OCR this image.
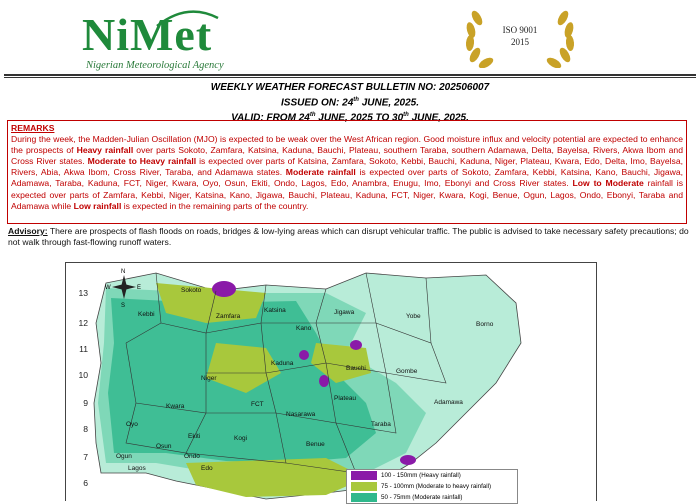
NiMet
Nigerian Meteorological Agency
ISO 9001
2015
WEEKLY WEATHER FORECAST BULLETIN NO: 202506007
ISSUED ON: 24th JUNE, 2025.
VALID: FROM 24th JUNE, 2025 TO 30th JUNE, 2025.
REMARKS
During the week, the Madden-Julian Oscillation (MJO) is expected to be weak over the West African region. Good moisture influx and velocity potential are expected to enhance the prospects of Heavy rainfall over parts Sokoto, Zamfara, Katsina, Kaduna, Bauchi, Plateau, southern Taraba, southern Adamawa, Delta, Bayelsa, Rivers, Akwa Ibom and Cross River states. Moderate to Heavy rainfall is expected over parts of Katsina, Zamfara, Sokoto, Kebbi, Bauchi, Kaduna, Niger, Plateau, Kwara, Edo, Delta, Imo, Bayelsa, Rivers, Abia, Akwa Ibom, Cross River, Taraba, and Adamawa states. Moderate rainfall is expected over parts of Sokoto, Zamfara, Kebbi, Katsina, Kano, Bauchi, Jigawa, Adamawa, Taraba, Kaduna, FCT, Niger, Kwara, Oyo, Osun, Ekiti, Ondo, Lagos, Edo, Anambra, Enugu, Imo, Ebonyi and Cross River states. Low to Moderate rainfall is expected over parts of Zamfara, Kebbi, Niger, Katsina, Kano, Jigawa, Bauchi, Plateau, Kaduna, FCT, Niger, Kwara, Kogi, Benue, Ogun, Lagos, Ondo, Ebonyi, Taraba and Adamawa while Low rainfall is expected in the remaining parts of the country.
Advisory: There are prospects of flash floods on roads, bridges & low-lying areas which can disrupt vehicular traffic. The public is advised to take necessary safety precautions; do not walk through fast-flowing runoff waters.
N
S
E
W	Sokoto
Zamfara
Katsina
Kebbi	Jigawa
Kano
Yobe
Borno
Kaduna
Bauchi	Gombe
Niger
Plateau
Adamawa
FCT
Nasarawa
Kwara
Taraba
Oyo
Kogi
Benue
Ekiti
Osun
Ogun	Ondo
Edo
Lagos
100 - 150mm (Heavy rainfall)
75 - 100mm (Moderate to heavy rainfall)
50 - 75mm (Moderate rainfall)
13
12
11
10
9
8
7
6
